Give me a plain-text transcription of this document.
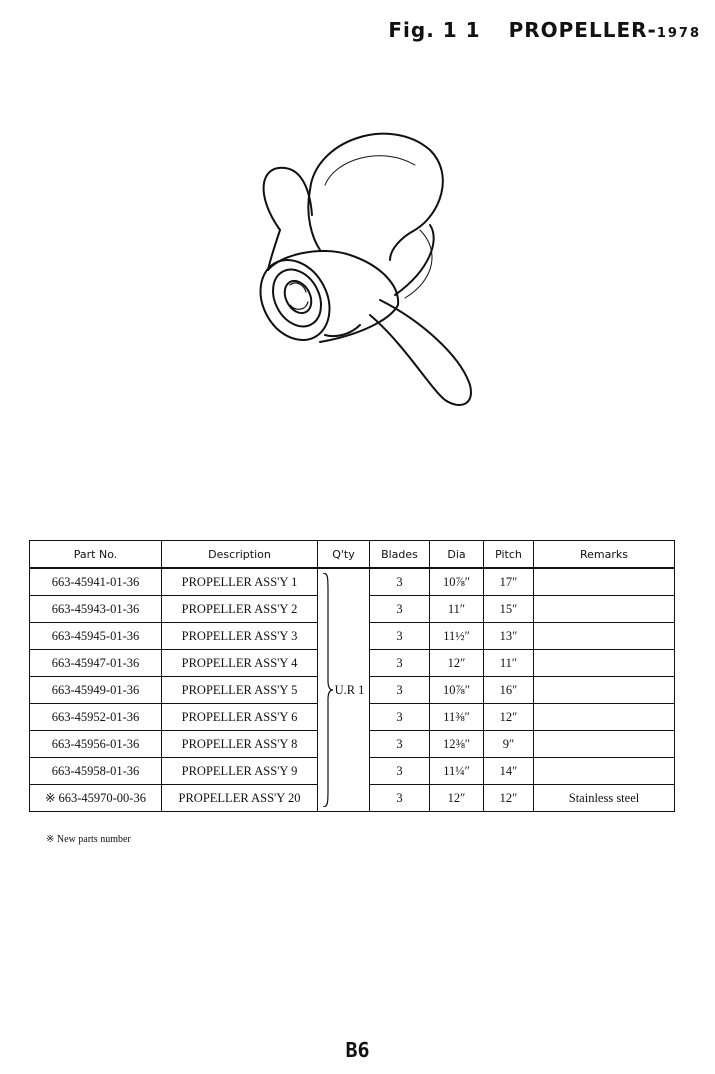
Fig. 1 1 PROPELLER-1978
Part No.	Description	Q'ty	Blades	Dia	Pitch	Remarks
663-45941-01-36	PROPELLER ASS'Y 1	U.R 1	3	10⅞″	17″	
663-45943-01-36	PROPELLER ASS'Y 2		3	11″	15″	
663-45945-01-36	PROPELLER ASS'Y 3		3	11½″	13″	
663-45947-01-36	PROPELLER ASS'Y 4		3	12″	11″	
663-45949-01-36	PROPELLER ASS'Y 5		3	10⅞″	16″	
663-45952-01-36	PROPELLER ASS'Y 6		3	11⅜″	12″	
663-45956-01-36	PROPELLER ASS'Y 8		3	12⅜″	9″	
663-45958-01-36	PROPELLER ASS'Y 9		3	11¼″	14″	
※ 663-45970-00-36	PROPELLER ASS'Y 20		3	12″	12″	Stainless steel
※ New parts number
B6
